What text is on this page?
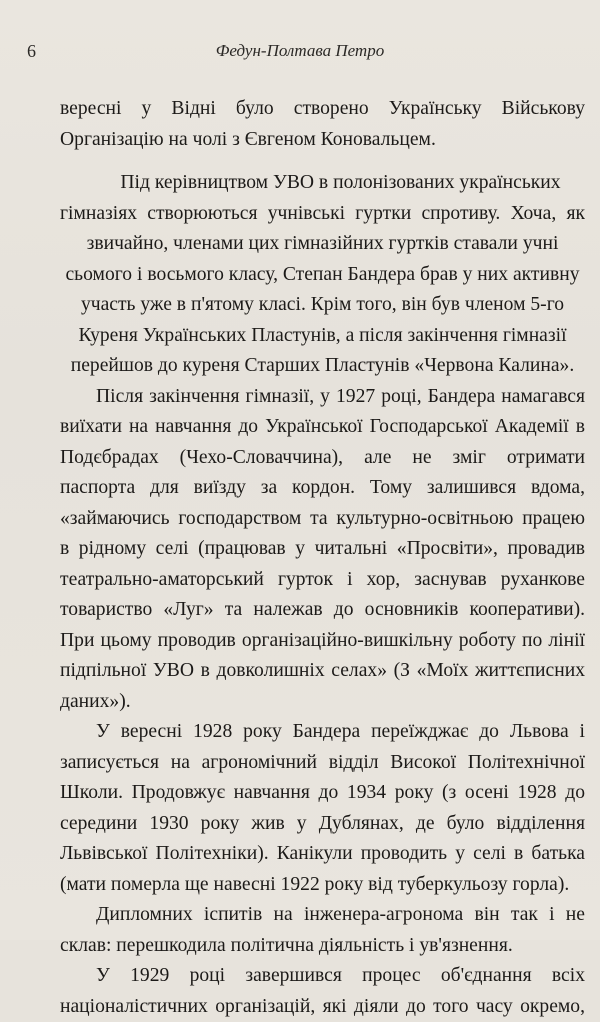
6	Федун-Полтава Петро
вересні у Відні було створено Українську Військову
Організацію на чолі з Євгеном Коновальцем.
Під керівництвом УВО в полонізованих українських
гімназіях створюються учнівські гуртки спротиву. Хоча, як
звичайно, членами цих гімназійних гуртків ставали учні
сьомого і восьмого класу, Степан Бандера брав у них активну
участь уже в п'ятому класі. Крім того, він був членом 5-го
Куреня Українських Пластунів, а після закінчення гімназії
перейшов до куреня Старших Пластунів «Червона Калина».
Після закінчення гімназії, у 1927 році, Бандера намагався
виїхати на навчання до Української Господарської Академії в
Подєбрадах (Чехо-Словаччина), але не зміг отримати
паспорта для виїзду за кордон. Тому залишився вдома,
«займаючись господарством та культурно-освітньою працею
в рідному селі (працював у читальні «Просвіти», провадив
театрально-аматорський гурток і хор, заснував руханкове
товариство «Луг» та належав до основників кооперативи).
При цьому проводив організаційно-вишкільну роботу по лінії
підпільної УВО в довколишніх селах» (З «Моїх життєписних
даних»).
У вересні 1928 року Бандера переїжджає до Львова і
записується на агрономічний відділ Високої Політехнічної
Школи. Продовжує навчання до 1934 року (з осені 1928 до
середини 1930 року жив у Дублянах, де було відділення
Львівської Політехніки). Канікули проводить у селі в батька
(мати померла ще навесні 1922 року від туберкульозу горла).
Дипломних іспитів на інженера-агронома він так і не
склав: перешкодила політична діяльність і ув'язнення.
У 1929 році завершився процес об'єднання всіх
націоналістичних організацій, які діяли до того часу окремо,
